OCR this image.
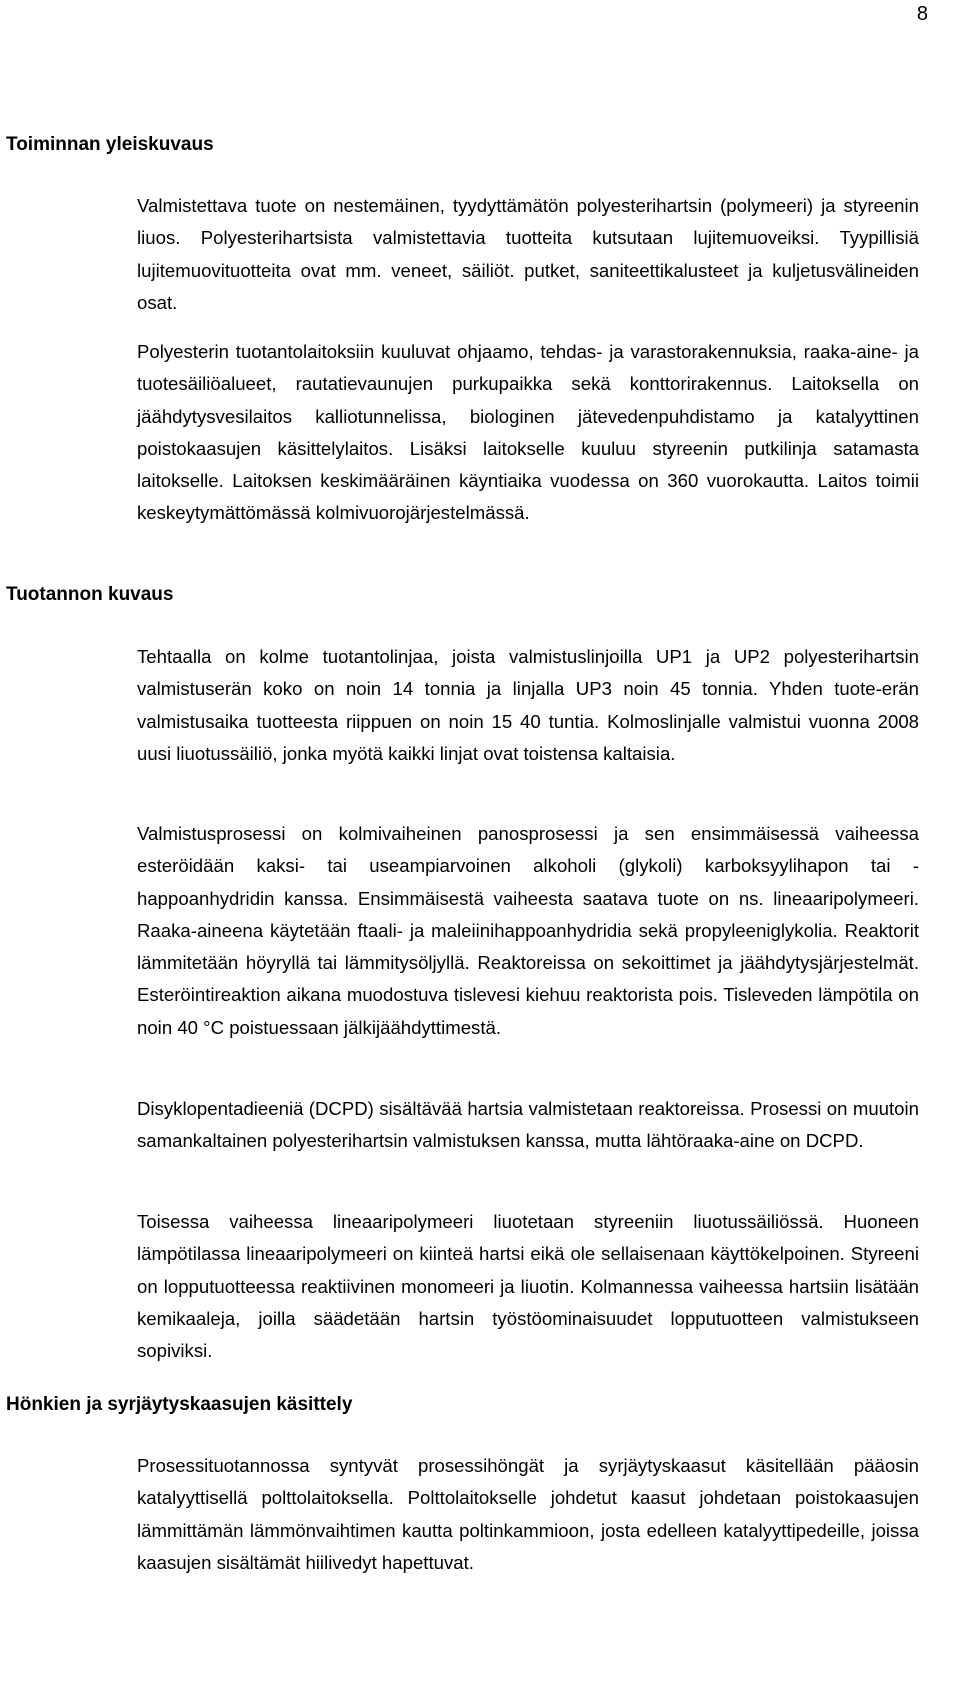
8
Toiminnan yleiskuvaus

Valmistettava tuote on nestemäinen, tyydyttämätön polyesterihartsin (polymeeri) ja styreenin liuos. Polyesterihartsista valmistettavia tuotteita kutsutaan lujitemuoveiksi. Tyypillisiä lujitemuovituotteita ovat mm. veneet, säiliöt. putket, saniteettikalusteet ja kuljetusvälineiden osat.

Polyesterin tuotantolaitoksiin kuuluvat ohjaamo, tehdas- ja varastorakennuksia, raaka-aine- ja tuotesäiliöalueet, rautatievaunujen purkupaikka sekä konttorirakennus. Laitoksella on jäähdytysvesilaitos kalliotunnelissa, biologinen jätevedenpuhdistamo ja katalyyttinen poistokaasujen käsittelylaitos. Lisäksi laitokselle kuuluu styreenin putkilinja satamasta laitokselle. Laitoksen keskimääräinen käyntiaika vuodessa on 360 vuorokautta. Laitos toimii keskeytymättömässä kolmivuorojärjestelmässä.

Tuotannon kuvaus

Tehtaalla on kolme tuotantolinjaa, joista valmistuslinjoilla UP1 ja UP2 polyesterihartsin valmistuserän koko on noin 14 tonnia ja linjalla UP3 noin 45 tonnia. Yhden tuote-erän valmistusaika tuotteesta riippuen on noin 15 40 tuntia. Kolmoslinjalle valmistui vuonna 2008 uusi liuotussäiliö, jonka myötä kaikki linjat ovat toistensa kaltaisia.

Valmistusprosessi on kolmivaiheinen panosprosessi ja sen ensimmäisessä vaiheessa esteröidään kaksi- tai useampiarvoinen alkoholi (glykoli) karboksyylihapon tai -happoanhydridin kanssa. Ensimmäisestä vaiheesta saatava tuote on ns. lineaaripolymeeri. Raaka-aineena käytetään ftaali- ja maleiinihappoanhydridia sekä propyleeniglykolia. Reaktorit lämmitetään höyryllä tai lämmitysöljyllä. Reaktoreissa on sekoittimet ja jäähdytysjärjestelmät. Esteröintireaktion aikana muodostuva tislevesi kiehuu reaktorista pois. Tisleveden lämpötila on noin 40 °C poistuessaan jälkijäähdyttimestä.

Disyklopentadieeniä (DCPD) sisältävää hartsia valmistetaan reaktoreissa. Prosessi on muutoin samankaltainen polyesterihartsin valmistuksen kanssa, mutta lähtöraaka-aine on DCPD.

Toisessa vaiheessa lineaaripolymeeri liuotetaan styreeniin liuotussäiliössä. Huoneen lämpötilassa lineaaripolymeeri on kiinteä hartsi eikä ole sellaisenaan käyttökelpoinen. Styreeni on lopputuotteessa reaktiivinen monomeeri ja liuotin. Kolmannessa vaiheessa hartsiin lisätään kemikaaleja, joilla säädetään hartsin työstöominaisuudet lopputuotteen valmistukseen sopiviksi.

Hönkien ja syrjäytyskaasujen käsittely

Prosessituotannossa syntyvät prosessihöngät ja syrjäytyskaasut käsitellään pääosin katalyyttisellä polttolaitoksella. Polttolaitokselle johdetut kaasut johdetaan poistokaasujen lämmittämän lämmönvaihtimen kautta poltinkammioon, josta edelleen katalyyttipedeille, joissa kaasujen sisältämät hiilivedyt hapettuvat.
